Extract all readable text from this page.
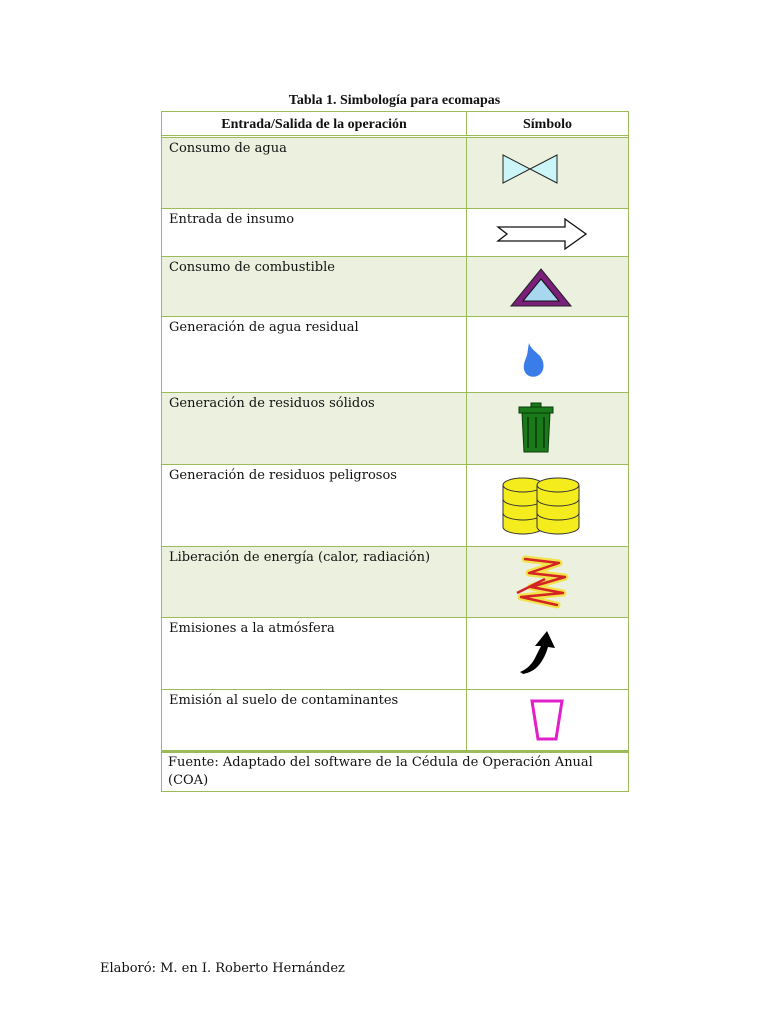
Tabla 1. Simbología para ecomapas
Entrada/Salida de la operación	Símbolo
Consumo de agua
Entrada de insumo
Consumo de combustible
Generación de agua residual
Generación de residuos sólidos
Generación de residuos peligrosos
Liberación de energía (calor, radiación)
Emisiones a la atmósfera
Emisión al suelo de contaminantes
Fuente: Adaptado del software de la Cédula de Operación Anual (COA)
Elaboró: M. en I. Roberto Hernández
